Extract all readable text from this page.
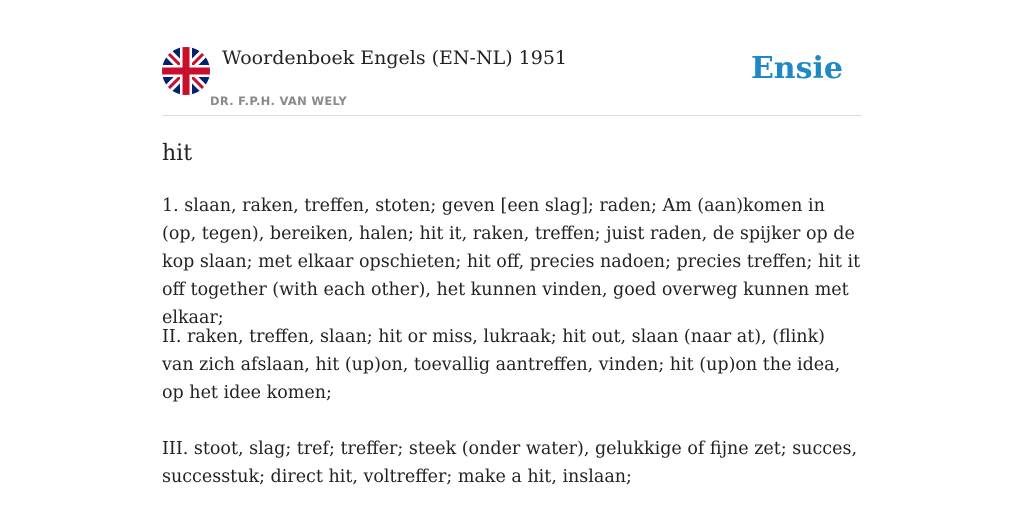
Woordenboek Engels (EN-NL) 1951
DR. F.P.H. VAN WELY
Ensie
hit

1. slaan, raken, treffen, stoten; geven [een slag]; raden; Am (aan)komen in (op, tegen), bereiken, halen; hit it, raken, treffen; juist raden, de spijker op de kop slaan; met elkaar opschieten; hit off, precies nadoen; precies treffen; hit it off together (with each other), het kunnen vinden, goed overweg kunnen met elkaar;

II. raken, treffen, slaan; hit or miss, lukraak; hit out, slaan (naar at), (flink) van zich afslaan, hit (up)on, toevallig aantreffen, vinden; hit (up)on the idea, op het idee komen;

III. stoot, slag; tref; treffer; steek (onder water), gelukkige of fijne zet; succes, successtuk; direct hit, voltreffer; make a hit, inslaan;
